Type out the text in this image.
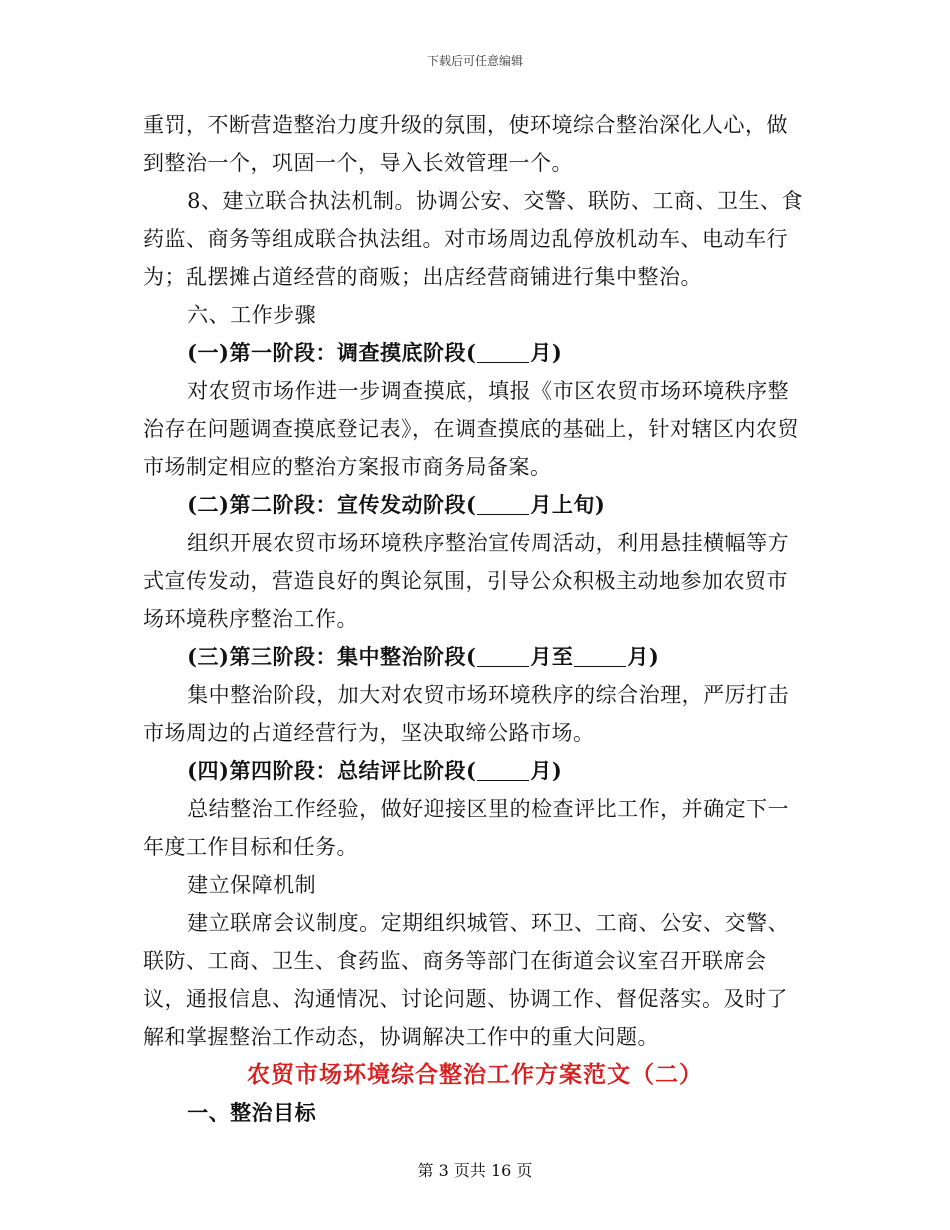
下载后可任意编辑

重罚，不断营造整治力度升级的氛围，使环境综合整治深化人心，做到整治一个，巩固一个，导入长效管理一个。

8、建立联合执法机制。协调公安、交警、联防、工商、卫生、食药监、商务等组成联合执法组。对市场周边乱停放机动车、电动车行为；乱摆摊占道经营的商贩；出店经营商铺进行集中整治。

六、工作步骤

(一)第一阶段：调查摸底阶段(	月)

对农贸市场作进一步调查摸底，填报《市区农贸市场环境秩序整治存在问题调查摸底登记表》，在调查摸底的基础上，针对辖区内农贸市场制定相应的整治方案报市商务局备案。

(二)第二阶段：宣传发动阶段(	月上旬)

组织开展农贸市场环境秩序整治宣传周活动，利用悬挂横幅等方式宣传发动，营造良好的舆论氛围，引导公众积极主动地参加农贸市场环境秩序整治工作。

(三)第三阶段：集中整治阶段(	月至	月)

集中整治阶段，加大对农贸市场环境秩序的综合治理，严厉打击市场周边的占道经营行为，坚决取缔公路市场。

(四)第四阶段：总结评比阶段(	月)

总结整治工作经验，做好迎接区里的检查评比工作，并确定下一年度工作目标和任务。

建立保障机制

建立联席会议制度。定期组织城管、环卫、工商、公安、交警、联防、工商、卫生、食药监、商务等部门在街道会议室召开联席会议，通报信息、沟通情况、讨论问题、协调工作、督促落实。及时了解和掌握整治工作动态，协调解决工作中的重大问题。

农贸市场环境综合整治工作方案范文（二）

一、整治目标

第 3 页共 16 页
